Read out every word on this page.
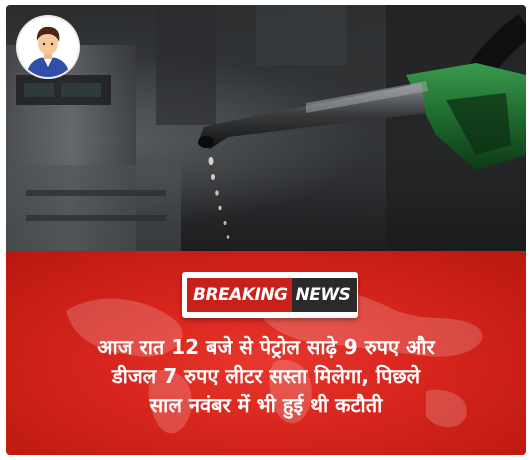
BREAKING NEWS
आज रात 12 बजे से पेट्रोल साढ़े 9 रुपए और
डीजल 7 रुपए लीटर सस्ता मिलेगा, पिछले
साल नवंबर में भी हुई थी कटौती
